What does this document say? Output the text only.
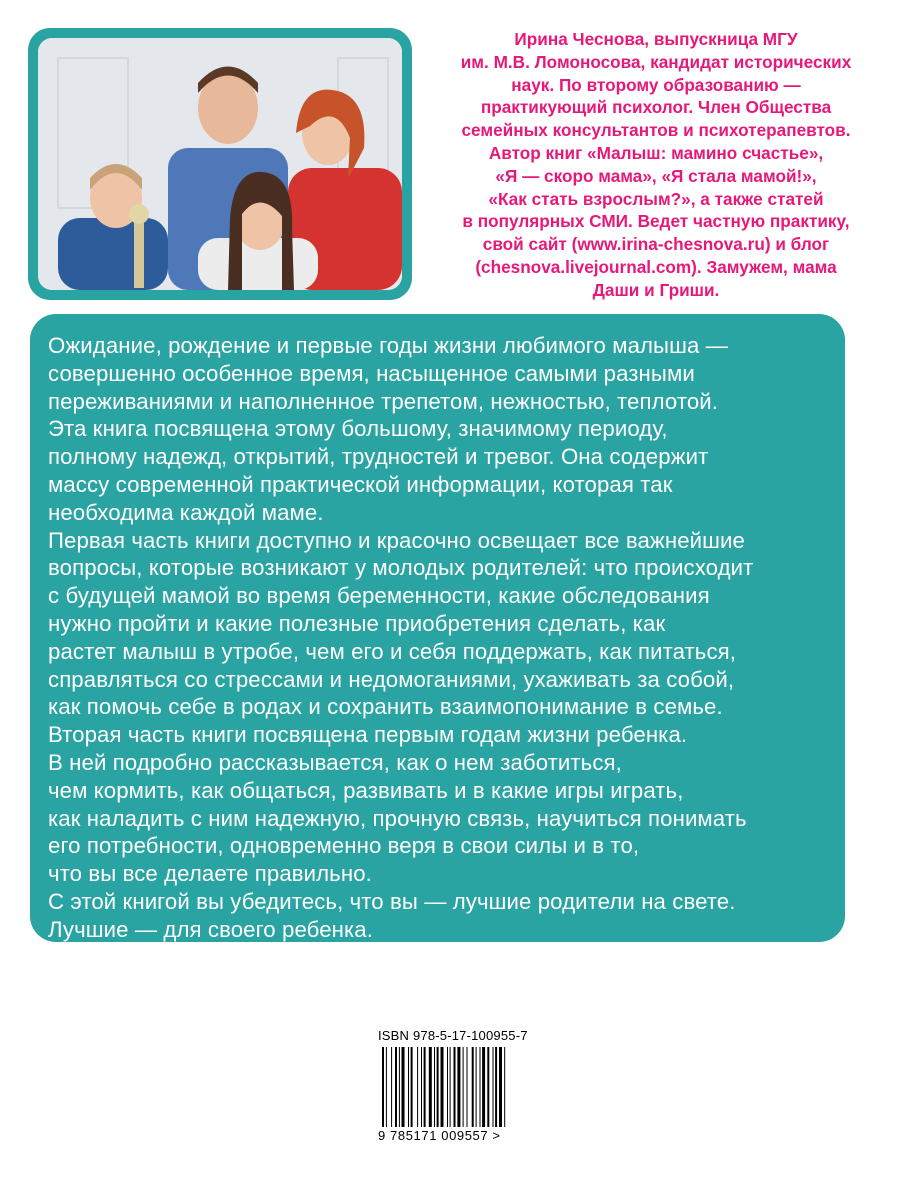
Ирина Чеснова, выпускница МГУ
им. М.В. Ломоносова, кандидат исторических
наук. По второму образованию —
практикующий психолог. Член Общества
семейных консультантов и психотерапевтов.
Автор книг «Малыш: мамино счастье»,
«Я — скоро мама», «Я стала мамой!»,
«Как стать взрослым?», а также статей
в популярных СМИ. Ведет частную практику,
свой сайт (www.irina-chesnova.ru) и блог
(chesnova.livejournal.com). Замужем, мама
Даши и Гриши.

Ожидание, рождение и первые годы жизни любимого малыша —
совершенно особенное время, насыщенное самыми разными
переживаниями и наполненное трепетом, нежностью, теплотой.
Эта книга посвящена этому большому, значимому периоду,
полному надежд, открытий, трудностей и тревог. Она содержит
массу современной практической информации, которая так
необходима каждой маме.
Первая часть книги доступно и красочно освещает все важнейшие
вопросы, которые возникают у молодых родителей: что происходит
с будущей мамой во время беременности, какие обследования
нужно пройти и какие полезные приобретения сделать, как
растет малыш в утробе, чем его и себя поддержать, как питаться,
справляться со стрессами и недомоганиями, ухаживать за собой,
как помочь себе в родах и сохранить взаимопонимание в семье.
Вторая часть книги посвящена первым годам жизни ребенка.
В ней подробно рассказывается, как о нем заботиться,
чем кормить, как общаться, развивать и в какие игры играть,
как наладить с ним надежную, прочную связь, научиться понимать
его потребности, одновременно веря в свои силы и в то,
что вы все делаете правильно.
С этой книгой вы убедитесь, что вы — лучшие родители на свете.
Лучшие — для своего ребенка.
ISBN 978-5-17-100955-7
9 785171 009557 >
